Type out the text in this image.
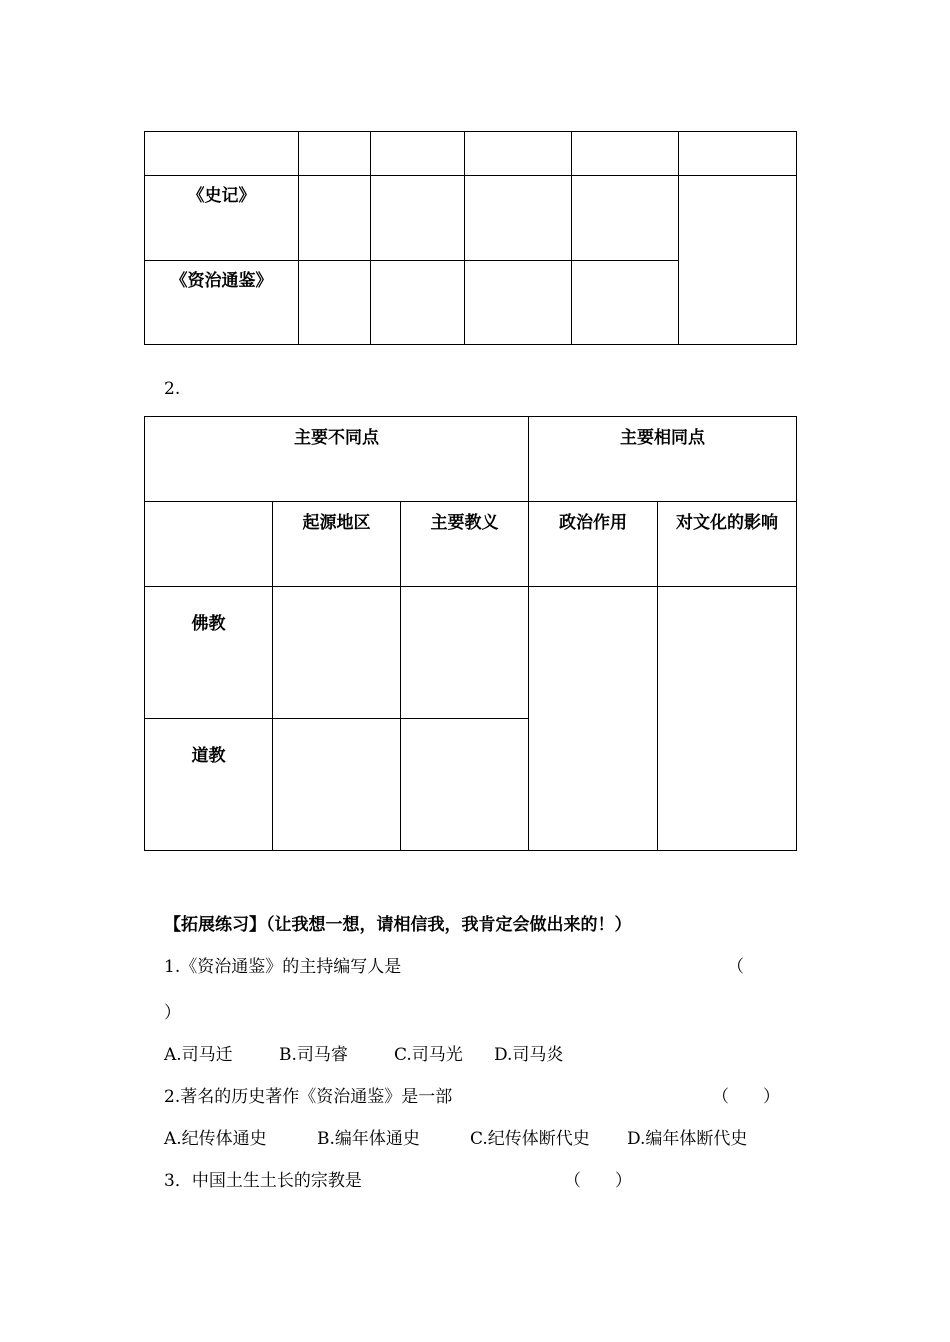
《史记》					

《资治通鉴》					

2.
主要不同点			主要相同点	

	起源地区	主要教义	政治作用	对文化的影响

佛教				

道教				

【拓展练习】（让我想一想，请相信我，我肯定会做出来的！）
1.《资治通鉴》的主持编写人是	（
）
A.司马迁	B.司马睿	C.司马光 D.司马炎
2.著名的历史著作《资治通鉴》是一部	（　　）
A.纪传体通史	B.编年体通史	C.纪传体断代史 D.编年体断代史
3．中国土生土长的宗教是	（　　）
